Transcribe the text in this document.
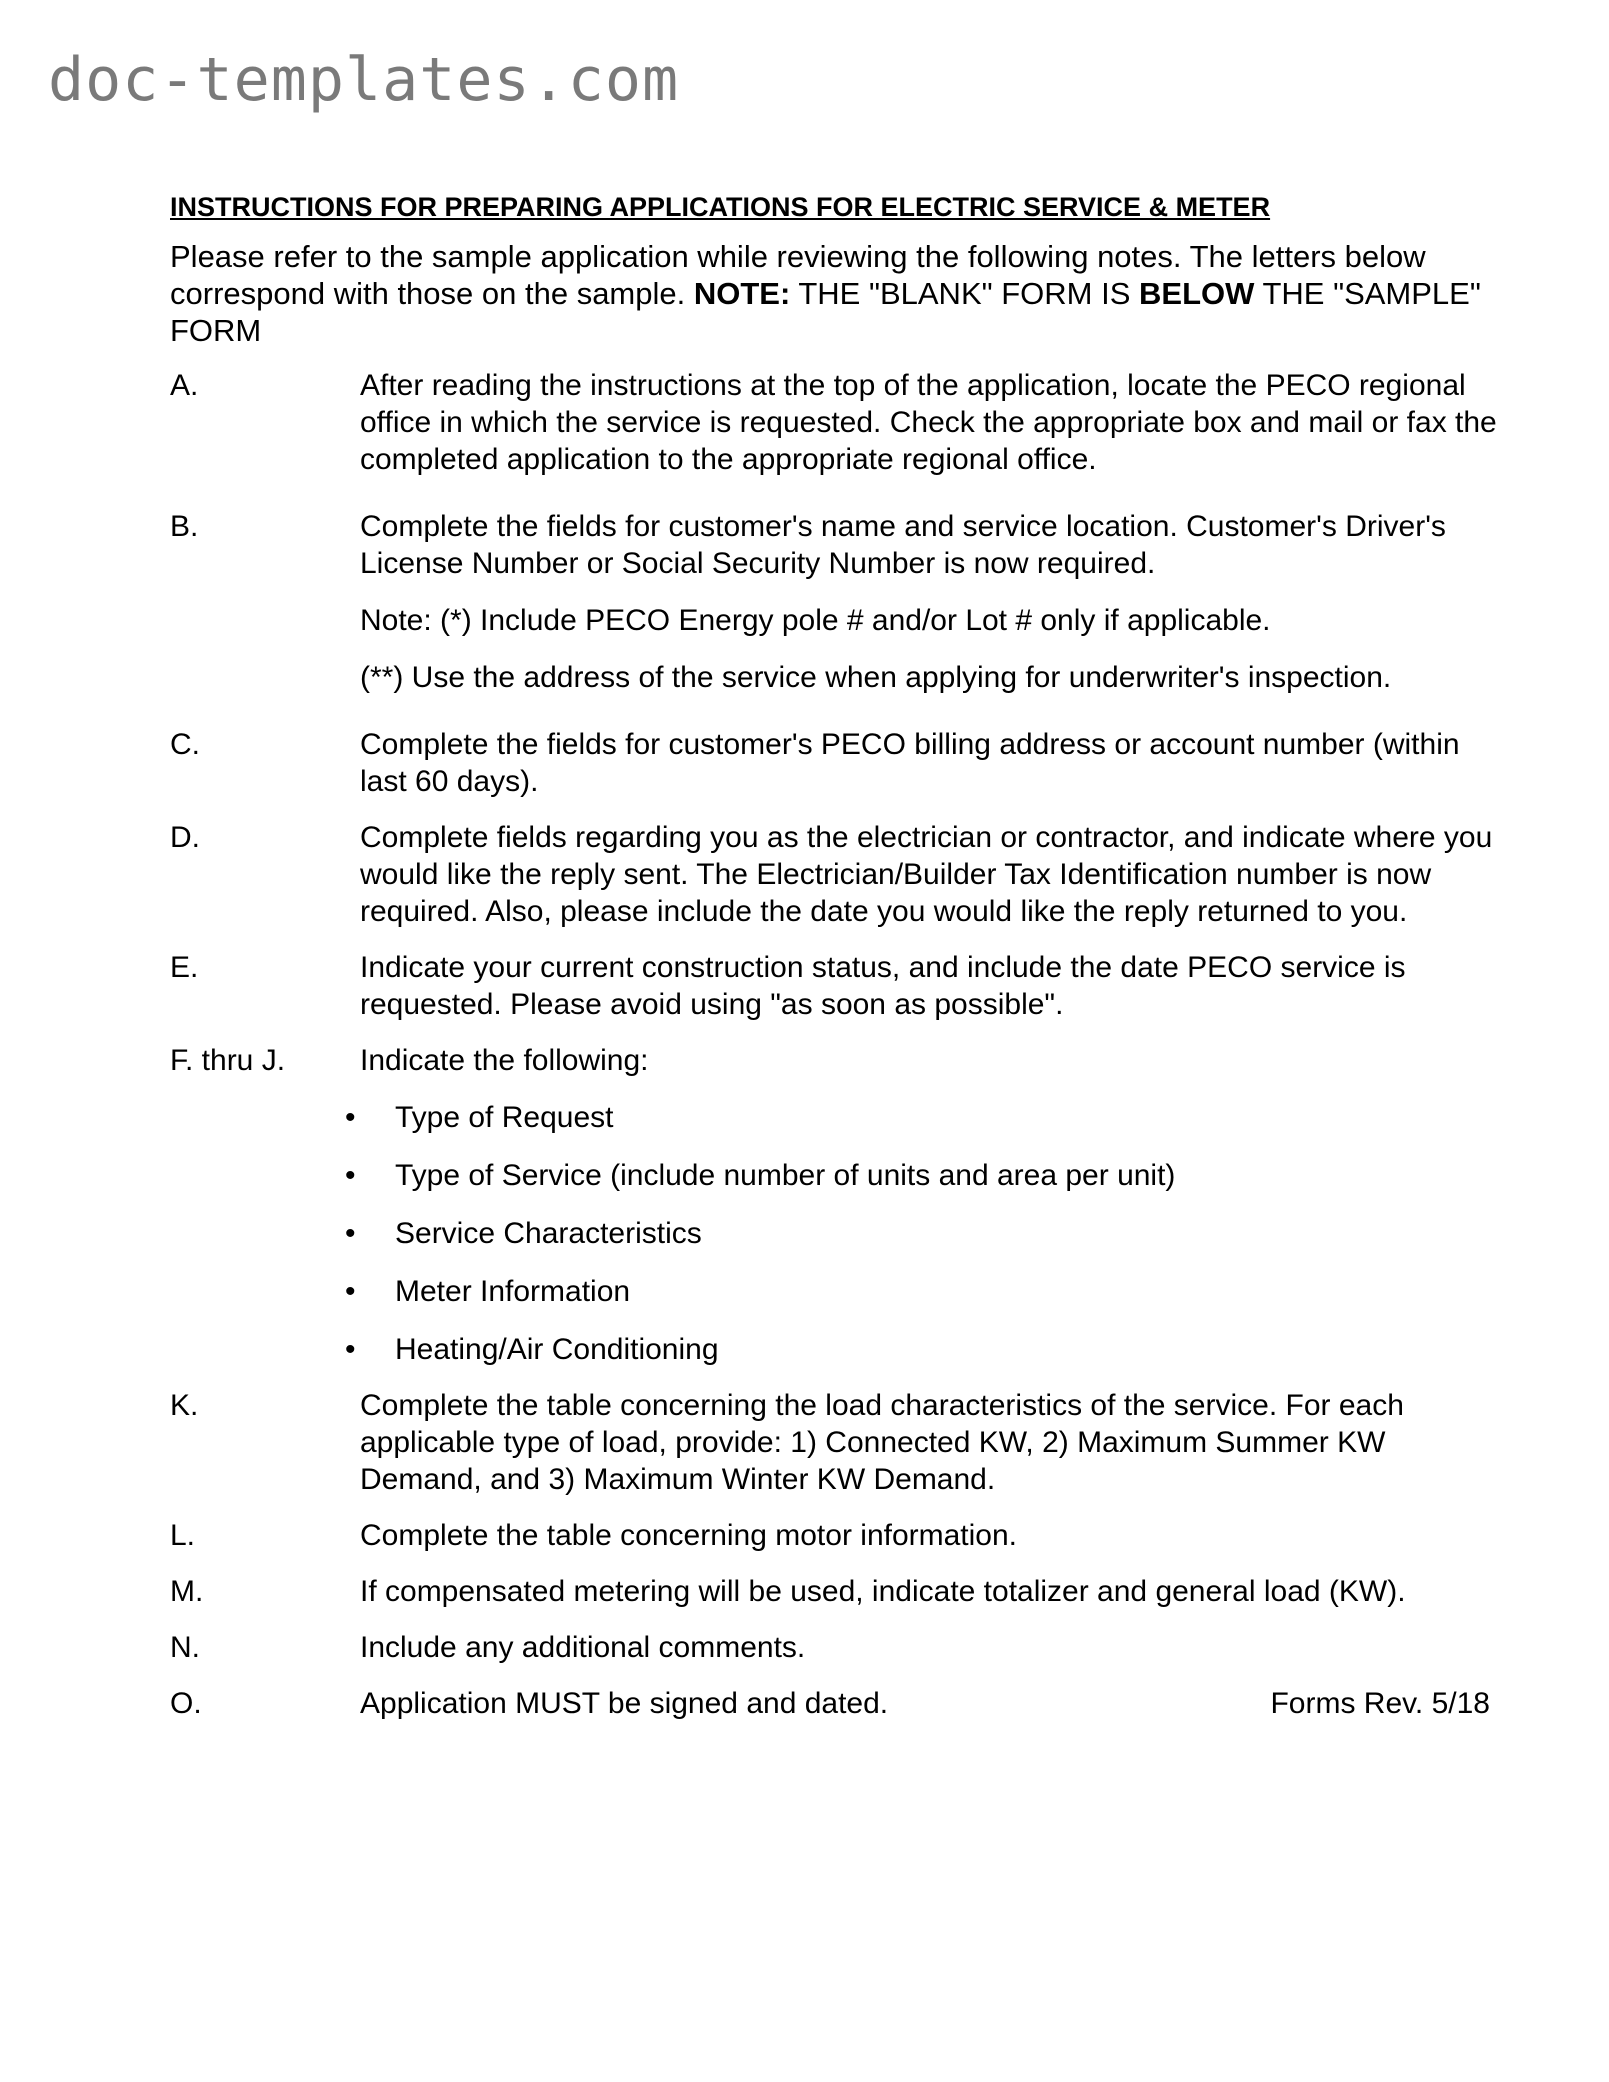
doc-templates.com
INSTRUCTIONS FOR PREPARING APPLICATIONS FOR ELECTRIC SERVICE & METER

Please refer to the sample application while reviewing the following notes. The letters below correspond with those on the sample. NOTE: THE "BLANK" FORM IS BELOW THE "SAMPLE" FORM

A.	After reading the instructions at the top of the application, locate the PECO regional office in which the service is requested. Check the appropriate box and mail or fax the completed application to the appropriate regional office.

B.	Complete the fields for customer's name and service location. Customer's Driver's License Number or Social Security Number is now required.

Note: (*) Include PECO Energy pole # and/or Lot # only if applicable.

(**) Use the address of the service when applying for underwriter's inspection.

C.	Complete the fields for customer's PECO billing address or account number (within last 60 days).

D.	Complete fields regarding you as the electrician or contractor, and indicate where you would like the reply sent. The Electrician/Builder Tax Identification number is now required. Also, please include the date you would like the reply returned to you.

E.	Indicate your current construction status, and include the date PECO service is requested. Please avoid using "as soon as possible".

F. thru J. Indicate the following:

• Type of Request
• Type of Service (include number of units and area per unit)
• Service Characteristics
• Meter Information
• Heating/Air Conditioning
K.	Complete the table concerning the load characteristics of the service. For each applicable type of load, provide: 1) Connected KW, 2) Maximum Summer KW Demand, and 3) Maximum Winter KW Demand.

L.	Complete the table concerning motor information.

M.	If compensated metering will be used, indicate totalizer and general load (KW).

N.	Include any additional comments.

O.	Application MUST be signed and dated.	Forms Rev. 5/18
